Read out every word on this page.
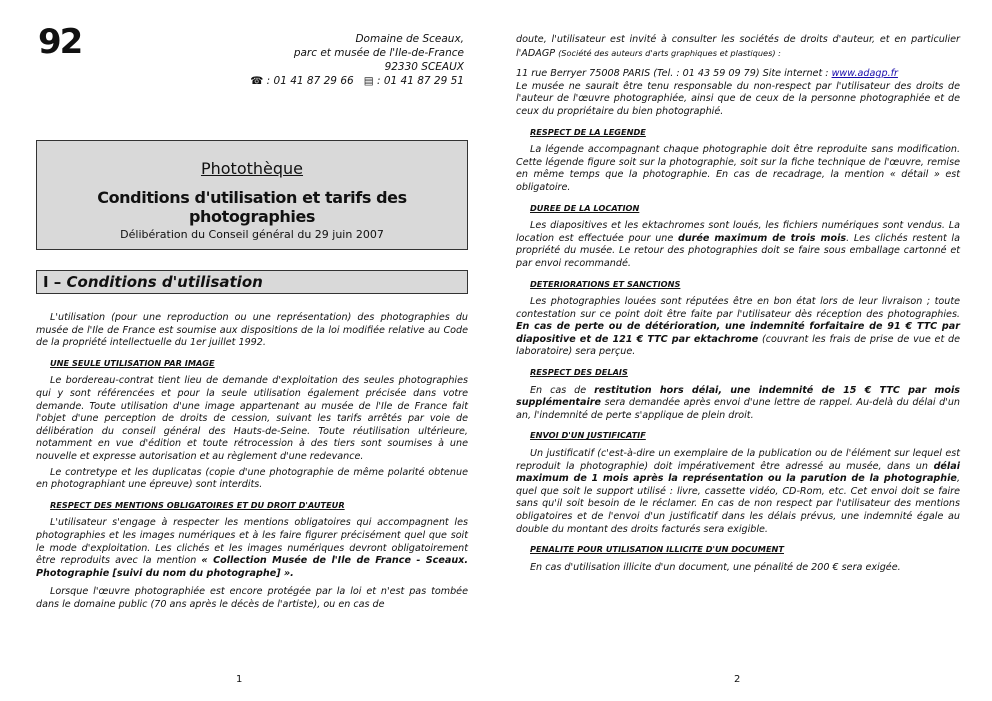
92	Domaine de Sceaux,
parc et musée de l'Ile-de-France
92330 SCEAUX
☎ : 01 41 87 29 66 ▤ : 01 41 87 29 51
Photothèque
Conditions d'utilisation et tarifs des photographies
Délibération du Conseil général du 29 juin 2007
I – Conditions d'utilisation

L'utilisation (pour une reproduction ou une représentation) des photographies du musée de l'Ile de France est soumise aux dispositions de la loi modifiée relative au Code de la propriété intellectuelle du 1er juillet 1992.

UNE SEULE UTILISATION PAR IMAGE

Le bordereau-contrat tient lieu de demande d'exploitation des seules photographies qui y sont référencées et pour la seule utilisation également précisée dans votre demande. Toute utilisation d'une image appartenant au musée de l'Ile de France fait l'objet d'une perception de droits de cession, suivant les tarifs arrêtés par voie de délibération du conseil général des Hauts-de-Seine. Toute réutilisation ultérieure, notamment en vue d'édition et toute rétrocession à des tiers sont soumises à une nouvelle et expresse autorisation et au règlement d'une redevance.

Le contretype et les duplicatas (copie d'une photographie de même polarité obtenue en photographiant une épreuve) sont interdits.

RESPECT DES MENTIONS OBLIGATOIRES ET DU DROIT D'AUTEUR

L'utilisateur s'engage à respecter les mentions obligatoires qui accompagnent les photographies et les images numériques et à les faire figurer précisément quel que soit le mode d'exploitation. Les clichés et les images numériques devront obligatoirement être reproduits avec la mention « Collection Musée de l'Ile de France - Sceaux. Photographie [suivi du nom du photographe] ».

Lorsque l'œuvre photographiée est encore protégée par la loi et n'est pas tombée dans le domaine public (70 ans après le décès de l'artiste), ou en cas de

1

doute, l'utilisateur est invité à consulter les sociétés de droits d'auteur, et en particulier l'ADAGP (Société des auteurs d'arts graphiques et plastiques) :

11 rue Berryer 75008 PARIS (Tel. : 01 43 59 09 79) Site internet : www.adagp.fr
Le musée ne saurait être tenu responsable du non-respect par l'utilisateur des droits de l'auteur de l'œuvre photographiée, ainsi que de ceux de la personne photographiée et de ceux du propriétaire du bien photographié.

RESPECT DE LA LEGENDE

La légende accompagnant chaque photographie doit être reproduite sans modification. Cette légende figure soit sur la photographie, soit sur la fiche technique de l'œuvre, remise en même temps que la photographie. En cas de recadrage, la mention « détail » est obligatoire.

DUREE DE LA LOCATION

Les diapositives et les ektachromes sont loués, les fichiers numériques sont vendus. La location est effectuée pour une durée maximum de trois mois. Les clichés restent la propriété du musée. Le retour des photographies doit se faire sous emballage cartonné et par envoi recommandé.

DETERIORATIONS ET SANCTIONS

Les photographies louées sont réputées être en bon état lors de leur livraison ; toute contestation sur ce point doit être faite par l'utilisateur dès réception des photographies. En cas de perte ou de détérioration, une indemnité forfaitaire de 91 € TTC par diapositive et de 121 € TTC par ektachrome (couvrant les frais de prise de vue et de laboratoire) sera perçue.

RESPECT DES DELAIS

En cas de restitution hors délai, une indemnité de 15 € TTC par mois supplémentaire sera demandée après envoi d'une lettre de rappel. Au-delà du délai d'un an, l'indemnité de perte s'applique de plein droit.

ENVOI D'UN JUSTIFICATIF

Un justificatif (c'est-à-dire un exemplaire de la publication ou de l'élément sur lequel est reproduit la photographie) doit impérativement être adressé au musée, dans un délai maximum de 1 mois après la représentation ou la parution de la photographie, quel que soit le support utilisé : livre, cassette vidéo, CD-Rom, etc. Cet envoi doit se faire sans qu'il soit besoin de le réclamer. En cas de non respect par l'utilisateur des mentions obligatoires et de l'envoi d'un justificatif dans les délais prévus, une indemnité égale au double du montant des droits facturés sera exigible.

PENALITE POUR UTILISATION ILLICITE D'UN DOCUMENT

En cas d'utilisation illicite d'un document, une pénalité de 200 € sera exigée.

2
